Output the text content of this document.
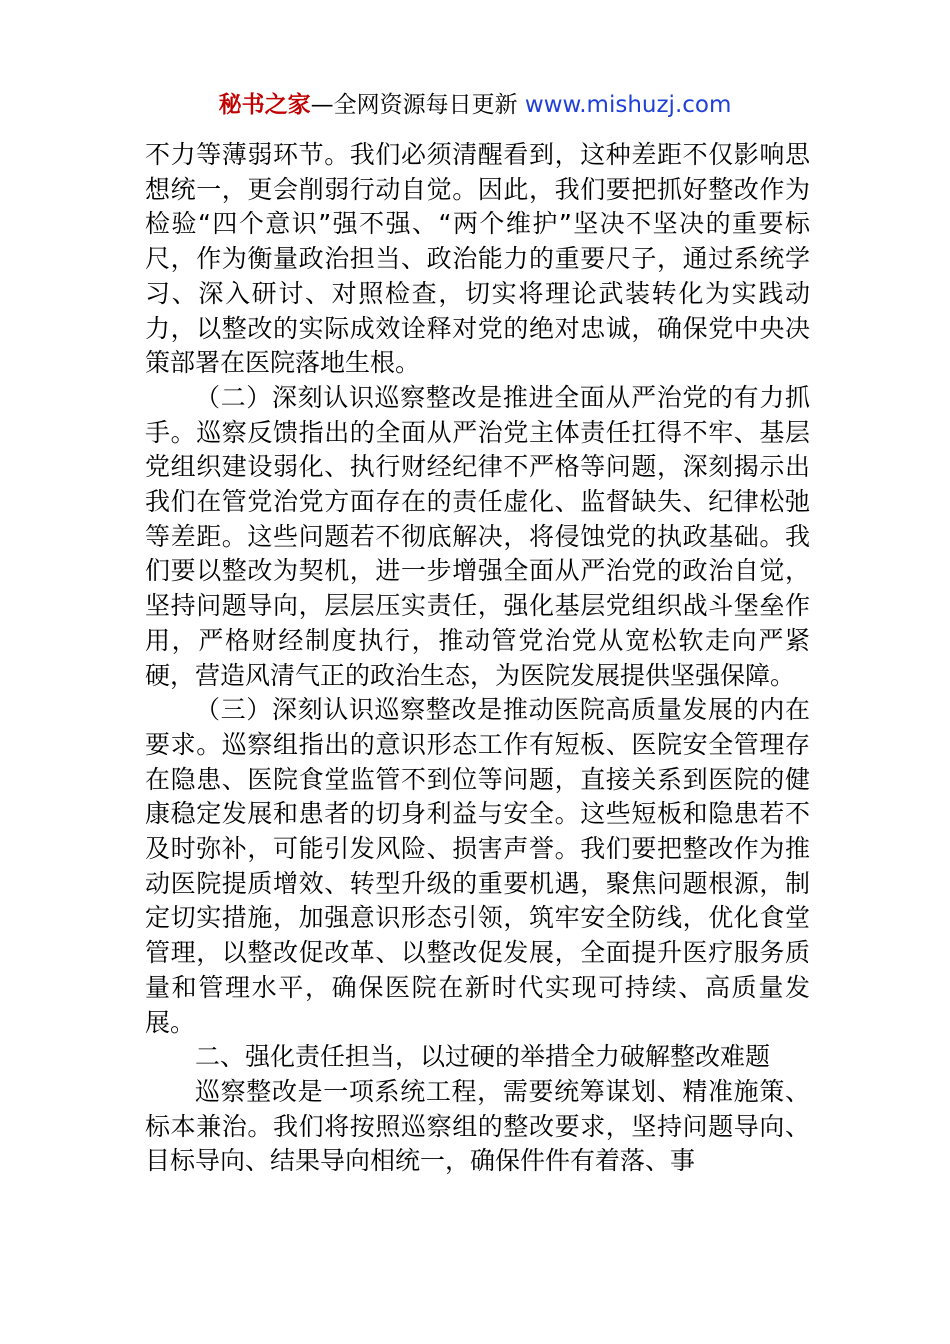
秘书之家—全网资源每日更新 www.mishuzj.com

不力等薄弱环节。我们必须清醒看到，这种差距不仅影响思想统一，更会削弱行动自觉。因此，我们要把抓好整改作为检验“四个意识”强不强、“两个维护”坚决不坚决的重要标尺，作为衡量政治担当、政治能力的重要尺子，通过系统学习、深入研讨、对照检查，切实将理论武装转化为实践动力，以整改的实际成效诠释对党的绝对忠诚，确保党中央决策部署在医院落地生根。

（二）深刻认识巡察整改是推进全面从严治党的有力抓手。巡察反馈指出的全面从严治党主体责任扛得不牢、基层党组织建设弱化、执行财经纪律不严格等问题，深刻揭示出我们在管党治党方面存在的责任虚化、监督缺失、纪律松弛等差距。这些问题若不彻底解决，将侵蚀党的执政基础。我们要以整改为契机，进一步增强全面从严治党的政治自觉，坚持问题导向，层层压实责任，强化基层党组织战斗堡垒作用，严格财经制度执行，推动管党治党从宽松软走向严紧硬，营造风清气正的政治生态，为医院发展提供坚强保障。

（三）深刻认识巡察整改是推动医院高质量发展的内在要求。巡察组指出的意识形态工作有短板、医院安全管理存在隐患、医院食堂监管不到位等问题，直接关系到医院的健康稳定发展和患者的切身利益与安全。这些短板和隐患若不及时弥补，可能引发风险、损害声誉。我们要把整改作为推动医院提质增效、转型升级的重要机遇，聚焦问题根源，制定切实措施，加强意识形态引领，筑牢安全防线，优化食堂管理，以整改促改革、以整改促发展，全面提升医疗服务质量和管理水平，确保医院在新时代实现可持续、高质量发展。

二、强化责任担当，以过硬的举措全力破解整改难题

巡察整改是一项系统工程，需要统筹谋划、精准施策、标本兼治。我们将按照巡察组的整改要求，坚持问题导向、目标导向、结果导向相统一，确保件件有着落、事
